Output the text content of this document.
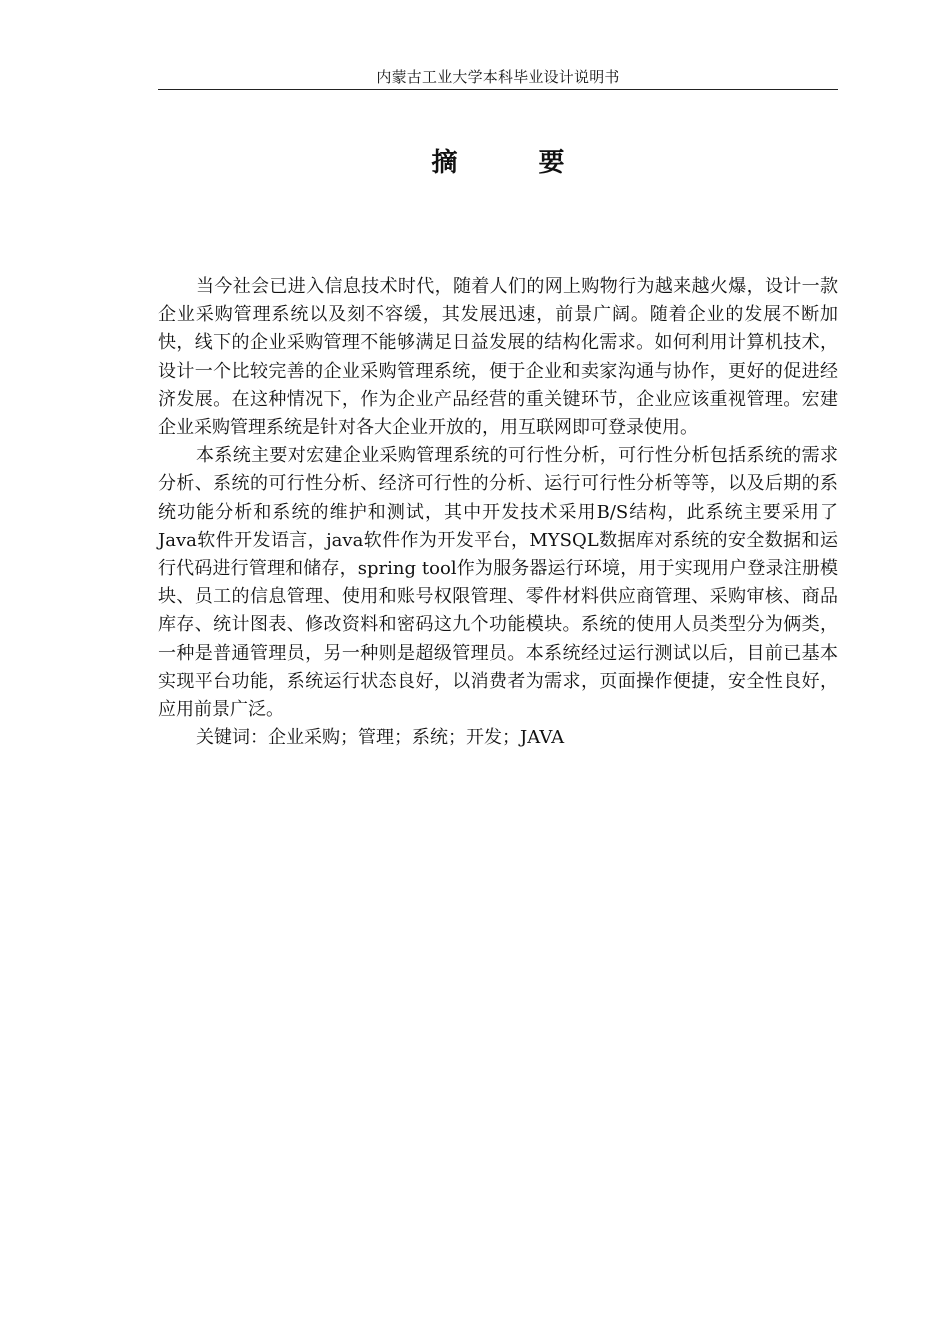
内蒙古工业大学本科毕业设计说明书
摘 要

当今社会已进入信息技术时代，随着人们的网上购物行为越来越火爆，设计一款企业采购管理系统以及刻不容缓，其发展迅速，前景广阔。随着企业的发展不断加快，线下的企业采购管理不能够满足日益发展的结构化需求。如何利用计算机技术，设计一个比较完善的企业采购管理系统，便于企业和卖家沟通与协作，更好的促进经济发展。在这种情况下，作为企业产品经营的重关键环节，企业应该重视管理。宏建企业采购管理系统是针对各大企业开放的，用互联网即可登录使用。

本系统主要对宏建企业采购管理系统的可行性分析，可行性分析包括系统的需求分析、系统的可行性分析、经济可行性的分析、运行可行性分析等等，以及后期的系统功能分析和系统的维护和测试，其中开发技术采用B/S结构，此系统主要采用了Java软件开发语言，java软件作为开发平台，MYSQL数据库对系统的安全数据和运行代码进行管理和储存，spring tool作为服务器运行环境，用于实现用户登录注册模块、员工的信息管理、使用和账号权限管理、零件材料供应商管理、采购审核、商品库存、统计图表、修改资料和密码这九个功能模块。系统的使用人员类型分为俩类，一种是普通管理员，另一种则是超级管理员。本系统经过运行测试以后，目前已基本实现平台功能，系统运行状态良好，以消费者为需求，页面操作便捷，安全性良好，应用前景广泛。

关键词：企业采购；管理；系统；开发；JAVA
